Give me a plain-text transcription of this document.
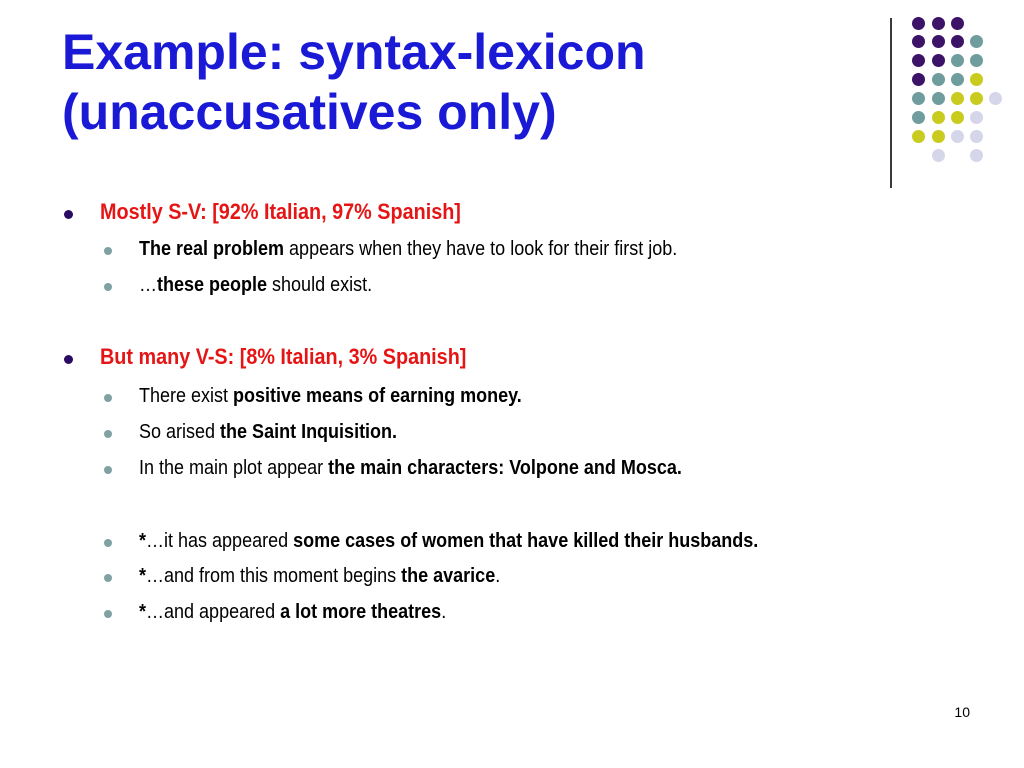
Example: syntax-lexicon
(unaccusatives only)
Mostly S-V: [92% Italian, 97% Spanish]
The real problem appears when they have to look for their first job.
…these people should exist.
But many V-S: [8% Italian, 3% Spanish]
There exist positive means of earning money.
So arised the Saint Inquisition.
In the main plot appear the main characters: Volpone and Mosca.
*…it has appeared some cases of women that have killed their husbands.
*…and from this moment begins the avarice.
*…and appeared a lot more theatres.
10
